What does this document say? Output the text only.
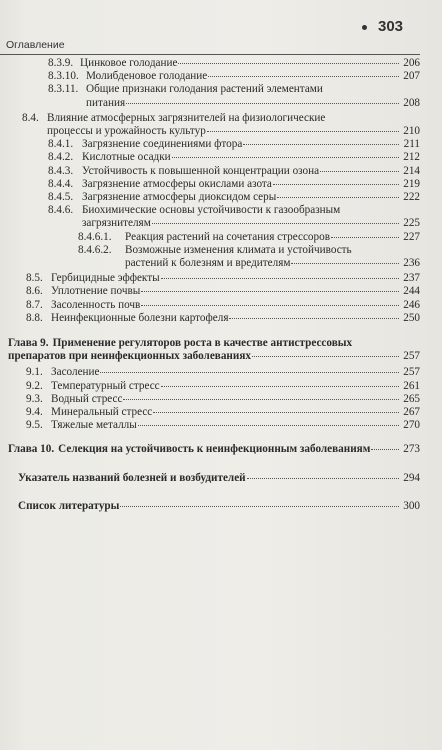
303
Оглавление
8.3.9. Цинковое голодание	206
8.3.10. Молибденовое голодание	207
8.3.11. Общие признаки голодания растений элементами
питания	208
8.4. Влияние атмосферных загрязнителей на физиологические
процессы и урожайность культур	210
8.4.1. Загрязнение соединениями фтора	211
8.4.2. Кислотные осадки	212
8.4.3. Устойчивость к повышенной концентрации озона	214
8.4.4. Загрязнение атмосферы окислами азота	219
8.4.5. Загрязнение атмосферы диоксидом серы	222
8.4.6. Биохимические основы устойчивости к газообразным
загрязнителям	225
8.4.6.1.	Реакция растений на сочетания стрессоров	227
8.4.6.2. Возможные изменения климата и устойчивость
растений к болезням и вредителям	236
8.5. Гербицидные эффекты	237
8.6. Уплотнение почвы	244
8.7. Засоленность почв	246
8.8. Неинфекционные болезни картофеля	250
Глава 9. Применение регуляторов роста в качестве антистрессовых
препаратов при неинфекционных заболеваниях	257
9.1. Засоление	257
9.2. Температурный стресс	261
9.3. Водный стресс	265
9.4. Минеральный стресс	267
9.5. Тяжелые металлы	270
Глава 10. Селекция на устойчивость к неинфекционным заболеваниям	273
Указатель названий болезней и возбудителей	294
Список литературы	300
